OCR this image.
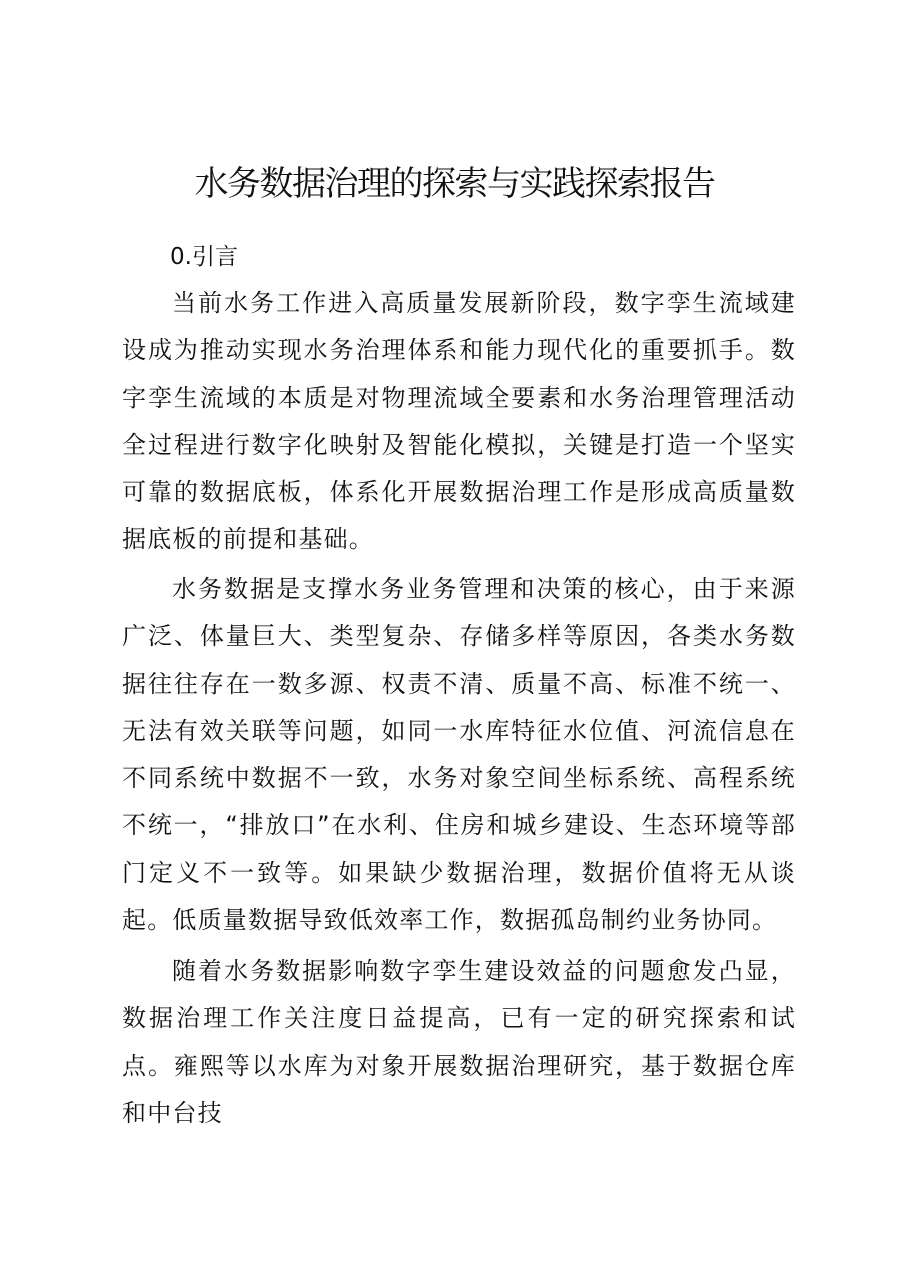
水务数据治理的探索与实践探索报告

0.引言

当前水务工作进入高质量发展新阶段，数字孪生流域建设成为推动实现水务治理体系和能力现代化的重要抓手。数字孪生流域的本质是对物理流域全要素和水务治理管理活动全过程进行数字化映射及智能化模拟，关键是打造一个坚实可靠的数据底板，体系化开展数据治理工作是形成高质量数据底板的前提和基础。

水务数据是支撑水务业务管理和决策的核心，由于来源广泛、体量巨大、类型复杂、存储多样等原因，各类水务数据往往存在一数多源、权责不清、质量不高、标准不统一、无法有效关联等问题，如同一水库特征水位值、河流信息在不同系统中数据不一致，水务对象空间坐标系统、高程系统不统一，“排放口”在水利、住房和城乡建设、生态环境等部门定义不一致等。如果缺少数据治理，数据价值将无从谈起。低质量数据导致低效率工作，数据孤岛制约业务协同。

随着水务数据影响数字孪生建设效益的问题愈发凸显，数据治理工作关注度日益提高，已有一定的研究探索和试点。雍熙等以水库为对象开展数据治理研究，基于数据仓库和中台技
